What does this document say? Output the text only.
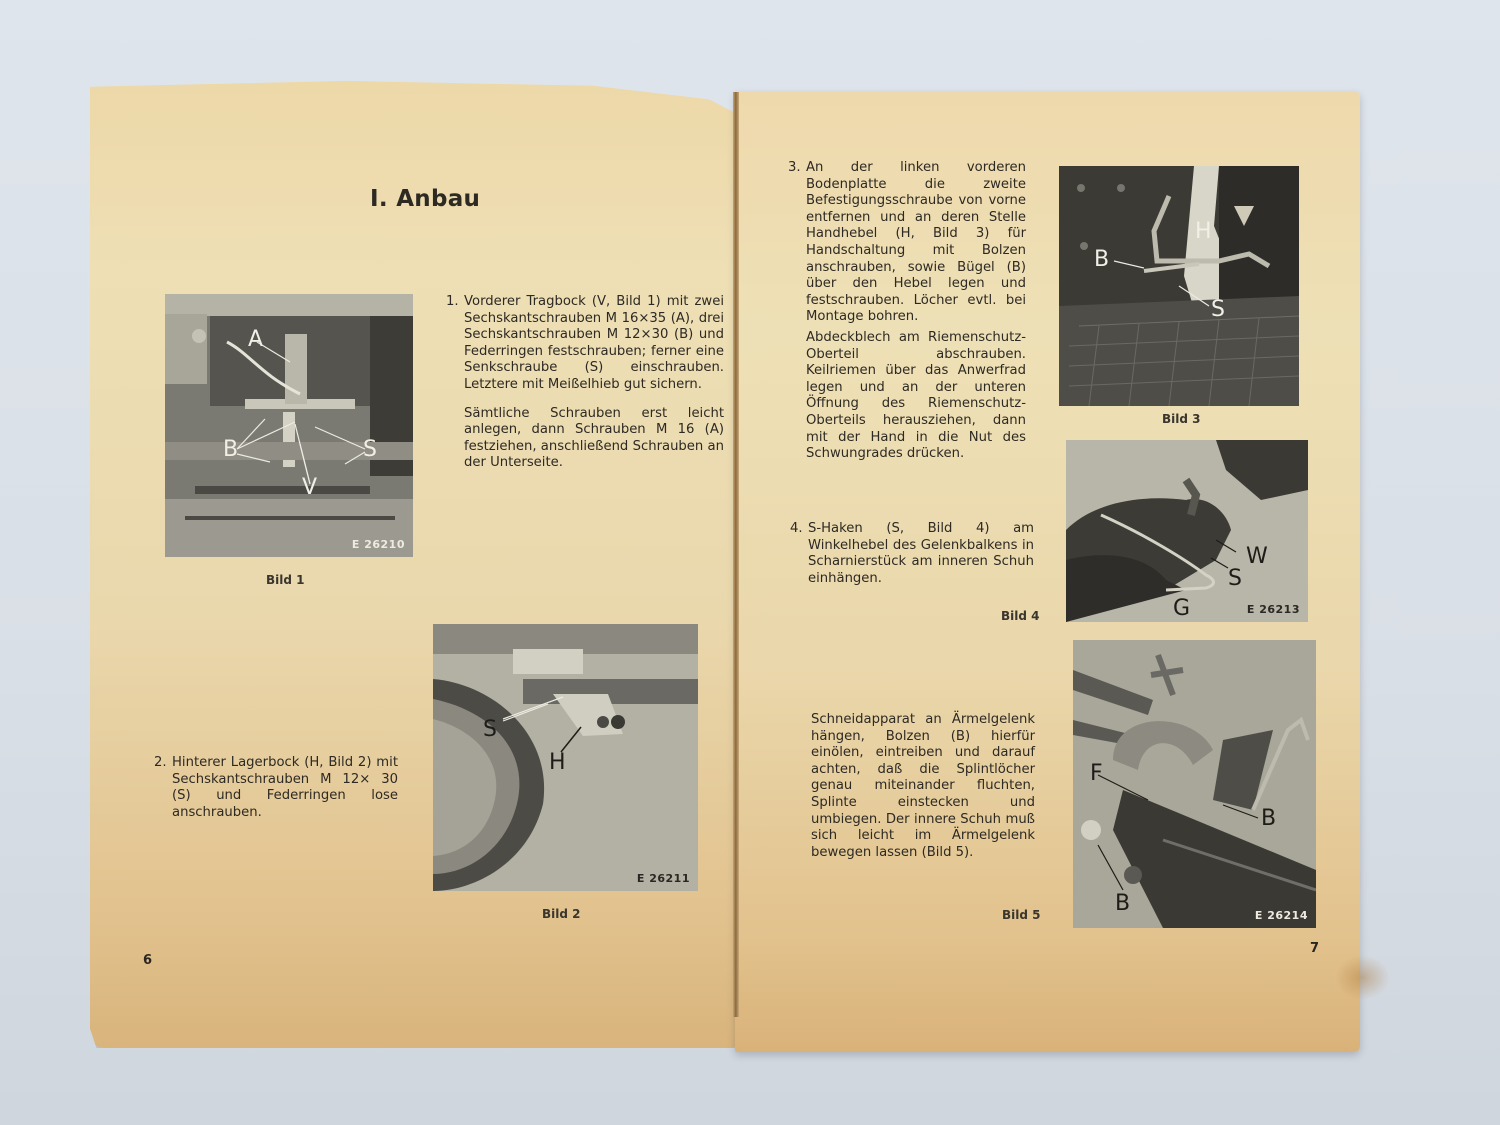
I. Anbau
A
B	S
V
E 26210
Bild 1
1. Vorderer Tragbock (V, Bild 1) mit zwei Sechskantschrauben M 16×35 (A), drei Sechskantschrauben M 12×30 (B) und Federringen festschrauben; ferner eine Senkschraube (S) einschrauben. Letztere mit Meißelhieb gut sichern.

Sämtliche Schrauben erst leicht anlegen, dann Schrauben M 16 (A) festziehen, anschließend Schrauben an der Unterseite.

S
H
E 26211
Bild 2
2. Hinterer Lagerbock (H, Bild 2) mit Sechskantschrauben M 12× 30 (S) und Federringen lose anschrauben.

6
3. An der linken vorderen Bodenplatte die zweite Befestigungsschraube von vorne entfernen und an deren Stelle Handhebel (H, Bild 3) für Handschaltung mit Bolzen anschrauben, sowie Bügel (B) über den Hebel legen und festschrauben. Löcher evtl. bei Montage bohren.

Abdeckblech am Riemenschutz-Oberteil abschrauben. Keilriemen über das Anwerfrad legen und an der unteren Öffnung des Riemenschutz-Oberteils herausziehen, dann mit der Hand in die Nut des Schwungrades drücken.

B
H
S
Bild 3
4. S-Haken (S, Bild 4) am Winkelhebel des Gelenkbalkens in Scharnierstück am inneren Schuh einhängen.

Bild 4
W
S
G	E 26213

Schneidapparat an Ärmelgelenk hängen, Bolzen (B) hierfür einölen, eintreiben und darauf achten, daß die Splintlöcher genau miteinander fluchten, Splinte einstecken und umbiegen. Der innere Schuh muß sich leicht im Ärmelgelenk bewegen lassen (Bild 5).

Bild 5
F
B
B	E 26214
7
